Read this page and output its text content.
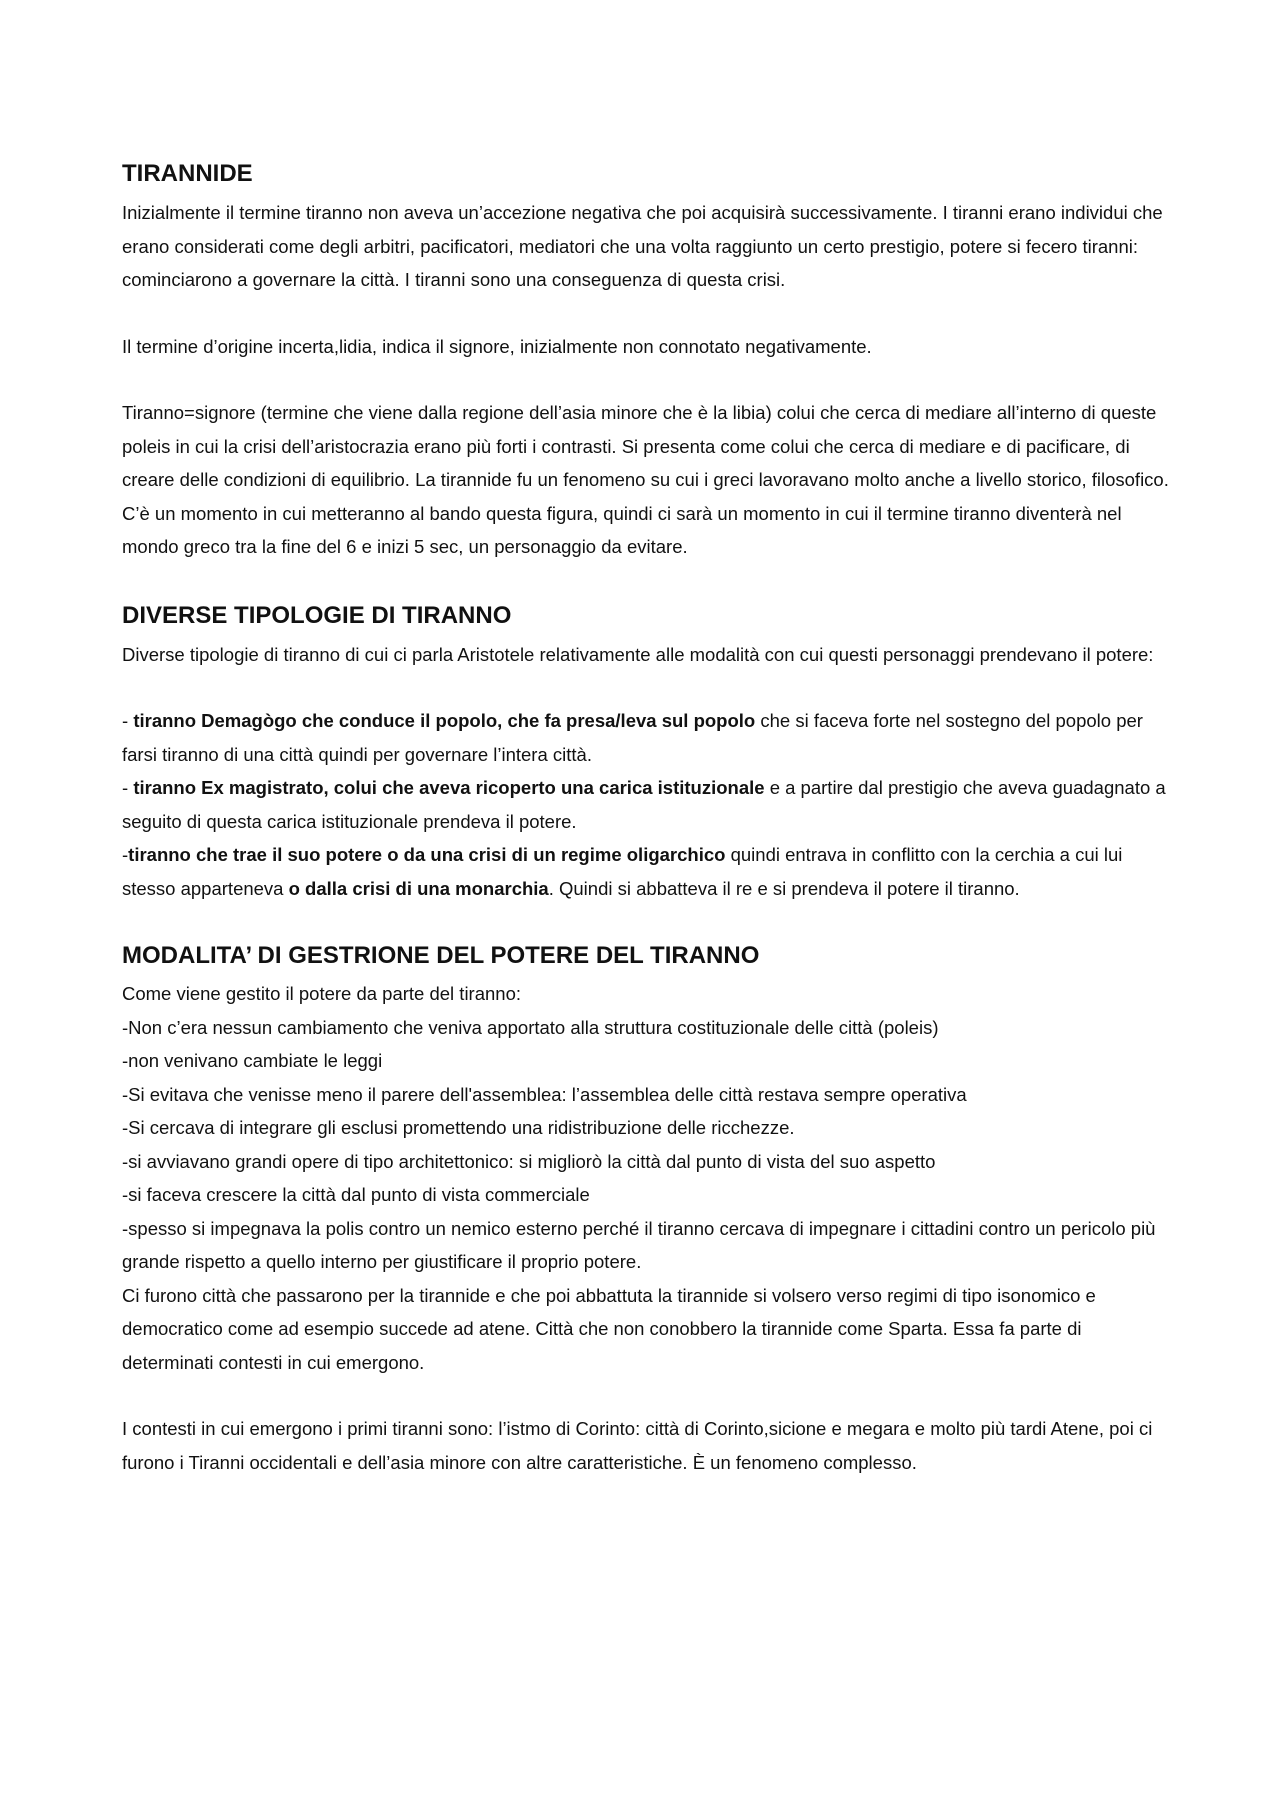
TIRANNIDE

Inizialmente il termine tiranno non aveva un’accezione negativa che poi acquisirà successivamente. I tiranni erano individui che erano considerati come degli arbitri, pacificatori, mediatori che una volta raggiunto un certo prestigio, potere si fecero tiranni: cominciarono a governare la città. I tiranni sono una conseguenza di questa crisi.

Il termine d’origine incerta,lidia, indica il signore, inizialmente non connotato negativamente.

Tiranno=signore (termine che viene dalla regione dell’asia minore che è la libia) colui che cerca di mediare all’interno di queste poleis in cui la crisi dell’aristocrazia erano più forti i contrasti. Si presenta come colui che cerca di mediare e di pacificare, di creare delle condizioni di equilibrio. La tirannide fu un fenomeno su cui i greci lavoravano molto anche a livello storico, filosofico. C’è un momento in cui metteranno al bando questa figura, quindi ci sarà un momento in cui il termine tiranno diventerà nel mondo greco tra la fine del 6 e inizi 5 sec, un personaggio da evitare.

DIVERSE TIPOLOGIE DI TIRANNO

Diverse tipologie di tiranno di cui ci parla Aristotele relativamente alle modalità con cui questi personaggi prendevano il potere:

- tiranno Demagògo che conduce il popolo, che fa presa/leva sul popolo che si faceva forte nel sostegno del popolo per farsi tiranno di una città quindi per governare l’intera città.

- tiranno Ex magistrato, colui che aveva ricoperto una carica istituzionale e a partire dal prestigio che aveva guadagnato a seguito di questa carica istituzionale prendeva il potere.

-tiranno che trae il suo potere o da una crisi di un regime oligarchico quindi entrava in conflitto con la cerchia a cui lui stesso apparteneva o dalla crisi di una monarchia. Quindi si abbatteva il re e si prendeva il potere il tiranno.

MODALITA’ DI GESTRIONE DEL POTERE DEL TIRANNO

Come viene gestito il potere da parte del tiranno:

-Non c’era nessun cambiamento che veniva apportato alla struttura costituzionale delle città (poleis)

-non venivano cambiate le leggi

-Si evitava che venisse meno il parere dell'assemblea: l’assemblea delle città restava sempre operativa

-Si cercava di integrare gli esclusi promettendo una ridistribuzione delle ricchezze.

-si avviavano grandi opere di tipo architettonico: si migliorò la città dal punto di vista del suo aspetto

-si faceva crescere la città dal punto di vista commerciale

-spesso si impegnava la polis contro un nemico esterno perché il tiranno cercava di impegnare i cittadini contro un pericolo più grande rispetto a quello interno per giustificare il proprio potere.

Ci furono città che passarono per la tirannide e che poi abbattuta la tirannide si volsero verso regimi di tipo isonomico e democratico come ad esempio succede ad atene. Città che non conobbero la tirannide come Sparta. Essa fa parte di determinati contesti in cui emergono.

I contesti in cui emergono i primi tiranni sono: l’istmo di Corinto: città di Corinto,sicione e megara e molto più tardi Atene, poi ci furono i Tiranni occidentali e dell’asia minore con altre caratteristiche. È un fenomeno complesso.
